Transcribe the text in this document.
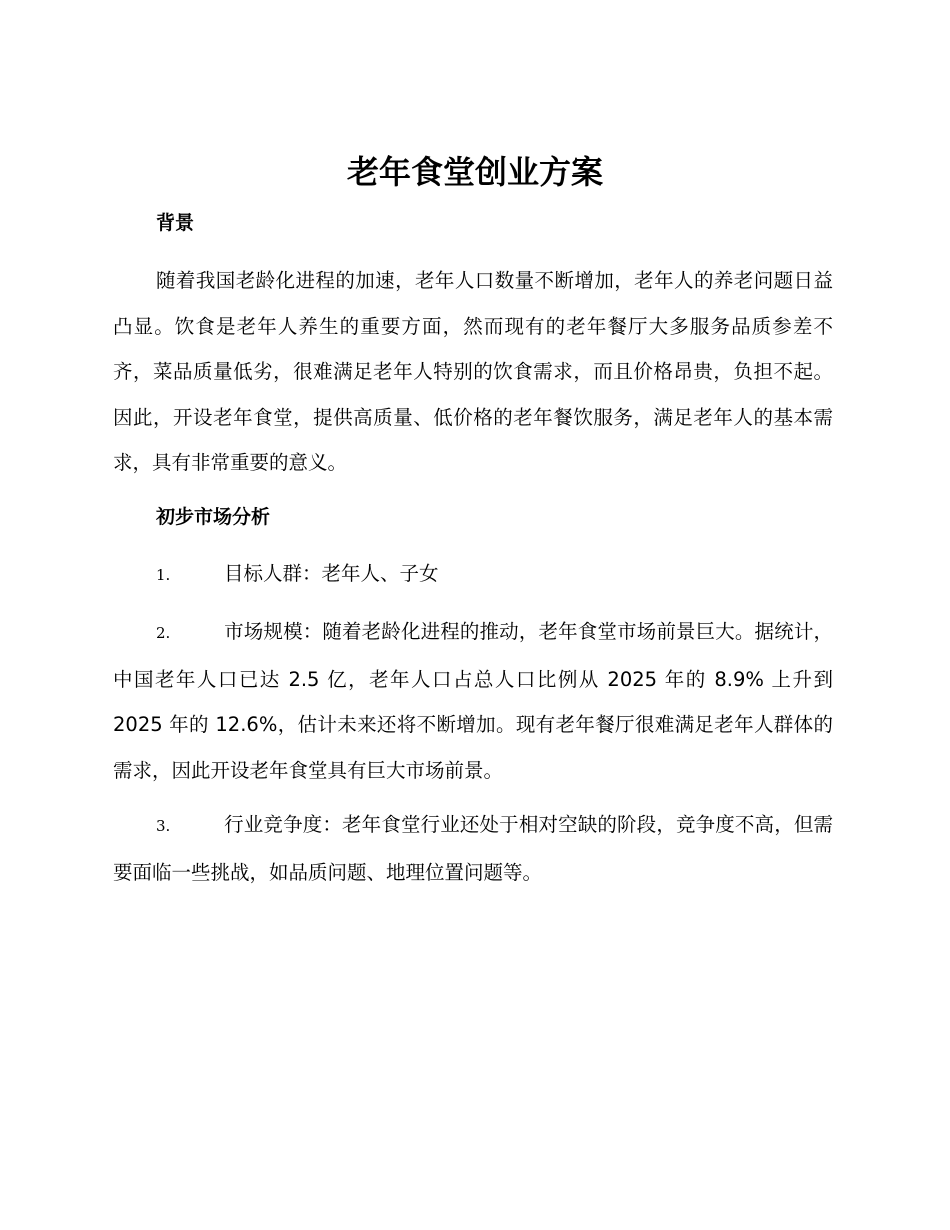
老年食堂创业方案
背景

随着我国老龄化进程的加速，老年人口数量不断增加，老年人的养老问题日益凸显。饮食是老年人养生的重要方面，然而现有的老年餐厅大多服务品质参差不齐，菜品质量低劣，很难满足老年人特别的饮食需求，而且价格昂贵，负担不起。因此，开设老年食堂，提供高质量、低价格的老年餐饮服务，满足老年人的基本需求，具有非常重要的意义。

初步市场分析

1.	目标人群：老年人、子女

2.	市场规模：随着老龄化进程的推动，老年食堂市场前景巨大。据统计，中国老年人口已达 2.5 亿，老年人口占总人口比例从 2025 年的 8.9% 上升到 2025 年的 12.6%，估计未来还将不断增加。现有老年餐厅很难满足老年人群体的需求，因此开设老年食堂具有巨大市场前景。

3.	行业竞争度：老年食堂行业还处于相对空缺的阶段，竞争度不高，但需要面临一些挑战，如品质问题、地理位置问题等。
